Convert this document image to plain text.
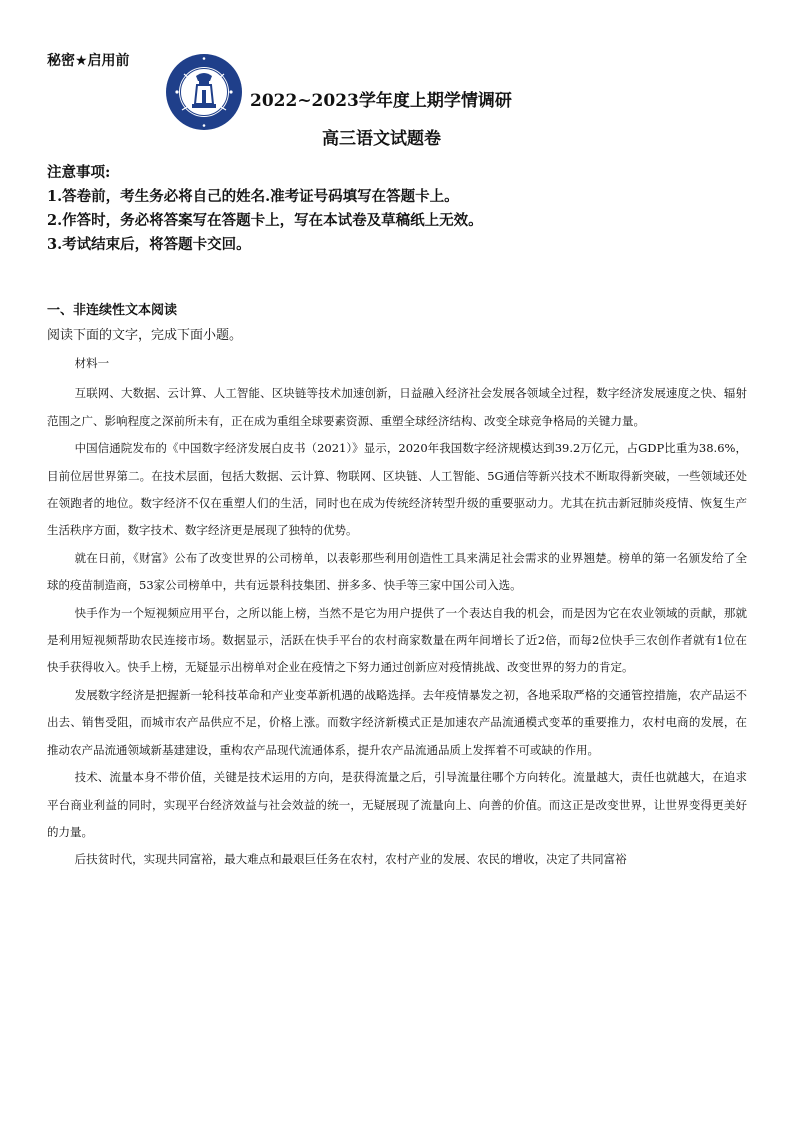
秘密★启用前
2022~2023学年度上期学情调研
高三语文试题卷
注意事项:
1.答卷前，考生务必将自己的姓名.准考证号码填写在答题卡上。
2.作答时，务必将答案写在答题卡上，写在本试卷及草稿纸上无效。
3.考试结束后，将答题卡交回。
一、非连续性文本阅读
阅读下面的文字，完成下面小题。

材料一

互联网、大数据、云计算、人工智能、区块链等技术加速创新，日益融入经济社会发展各领域全过程，数字经济发展速度之快、辐射范围之广、影响程度之深前所未有，正在成为重组全球要素资源、重塑全球经济结构、改变全球竞争格局的关键力量。

中国信通院发布的《中国数字经济发展白皮书（2021）》显示，2020年我国数字经济规模达到39.2万亿元，占GDP比重为38.6%，目前位居世界第二。在技术层面，包括大数据、云计算、物联网、区块链、人工智能、5G通信等新兴技术不断取得新突破，一些领域还处在领跑者的地位。数字经济不仅在重塑人们的生活，同时也在成为传统经济转型升级的重要驱动力。尤其在抗击新冠肺炎疫情、恢复生产生活秩序方面，数字技术、数字经济更是展现了独特的优势。

就在日前，《财富》公布了改变世界的公司榜单，以表彰那些利用创造性工具来满足社会需求的业界翘楚。榜单的第一名颁发给了全球的疫苗制造商，53家公司榜单中，共有远景科技集团、拼多多、快手等三家中国公司入选。

快手作为一个短视频应用平台，之所以能上榜，当然不是它为用户提供了一个表达自我的机会，而是因为它在农业领域的贡献，那就是利用短视频帮助农民连接市场。数据显示，活跃在快手平台的农村商家数量在两年间增长了近2倍，而每2位快手三农创作者就有1位在快手获得收入。快手上榜，无疑显示出榜单对企业在疫情之下努力通过创新应对疫情挑战、改变世界的努力的肯定。

发展数字经济是把握新一轮科技革命和产业变革新机遇的战略选择。去年疫情暴发之初，各地采取严格的交通管控措施，农产品运不出去、销售受阻，而城市农产品供应不足，价格上涨。而数字经济新模式正是加速农产品流通模式变革的重要推力，农村电商的发展，在推动农产品流通领域新基建建设，重构农产品现代流通体系，提升农产品流通品质上发挥着不可或缺的作用。

技术、流量本身不带价值，关键是技术运用的方向，是获得流量之后，引导流量往哪个方向转化。流量越大，责任也就越大，在追求平台商业利益的同时，实现平台经济效益与社会效益的统一，无疑展现了流量向上、向善的价值。而这正是改变世界，让世界变得更美好的力量。

后扶贫时代，实现共同富裕，最大难点和最艰巨任务在农村，农村产业的发展、农民的增收，决定了共同富裕
